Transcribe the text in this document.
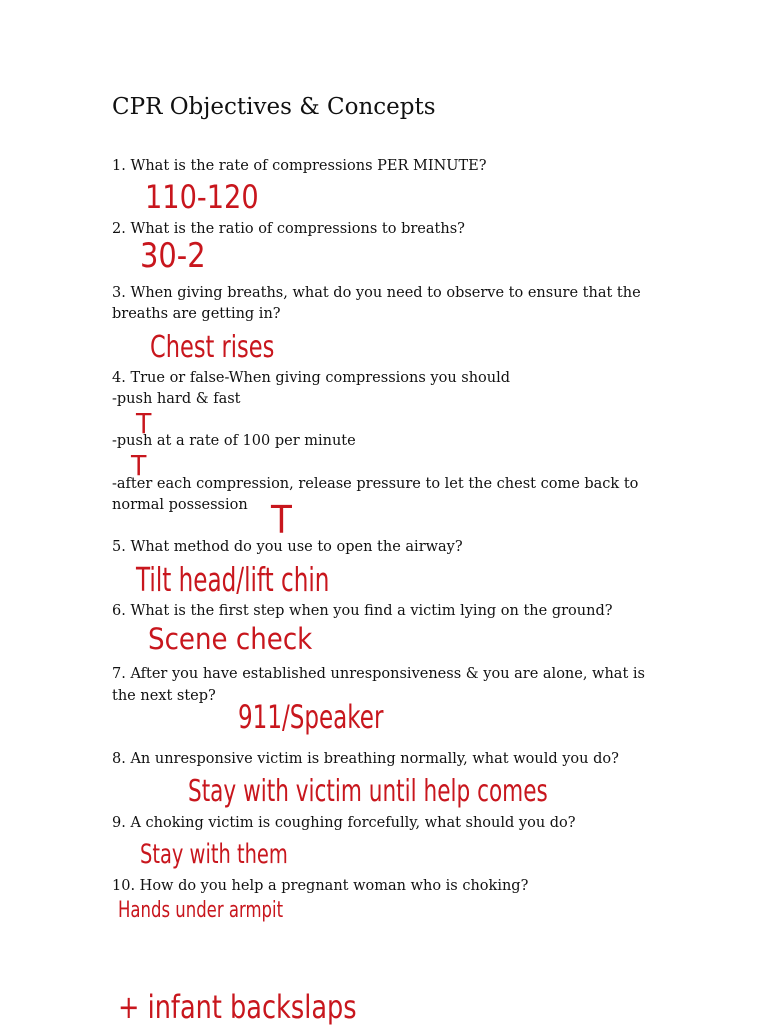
CPR Objectives & Concepts
1. What is the rate of compressions PER MINUTE?
2. What is the ratio of compressions to breaths?
3. When giving breaths, what do you need to observe to ensure that the
breaths are getting in?
4. True or false-When giving compressions you should
-push hard & fast
-push at a rate of 100 per minute
-after each compression, release pressure to let the chest come back to
normal possession
5. What method do you use to open the airway?
6. What is the first step when you find a victim lying on the ground?
7. After you have established unresponsiveness & you are alone, what is
the next step?
8. An unresponsive victim is breathing normally, what would you do?
9. A choking victim is coughing forcefully, what should you do?
10. How do you help a pregnant woman who is choking?
110-120
30-2
Chest rises
T
T
T
Tilt head/lift chin
Scene check
911/Speaker
Stay with victim until help comes
Stay with them
Hands under armpit
+ infant backslaps
